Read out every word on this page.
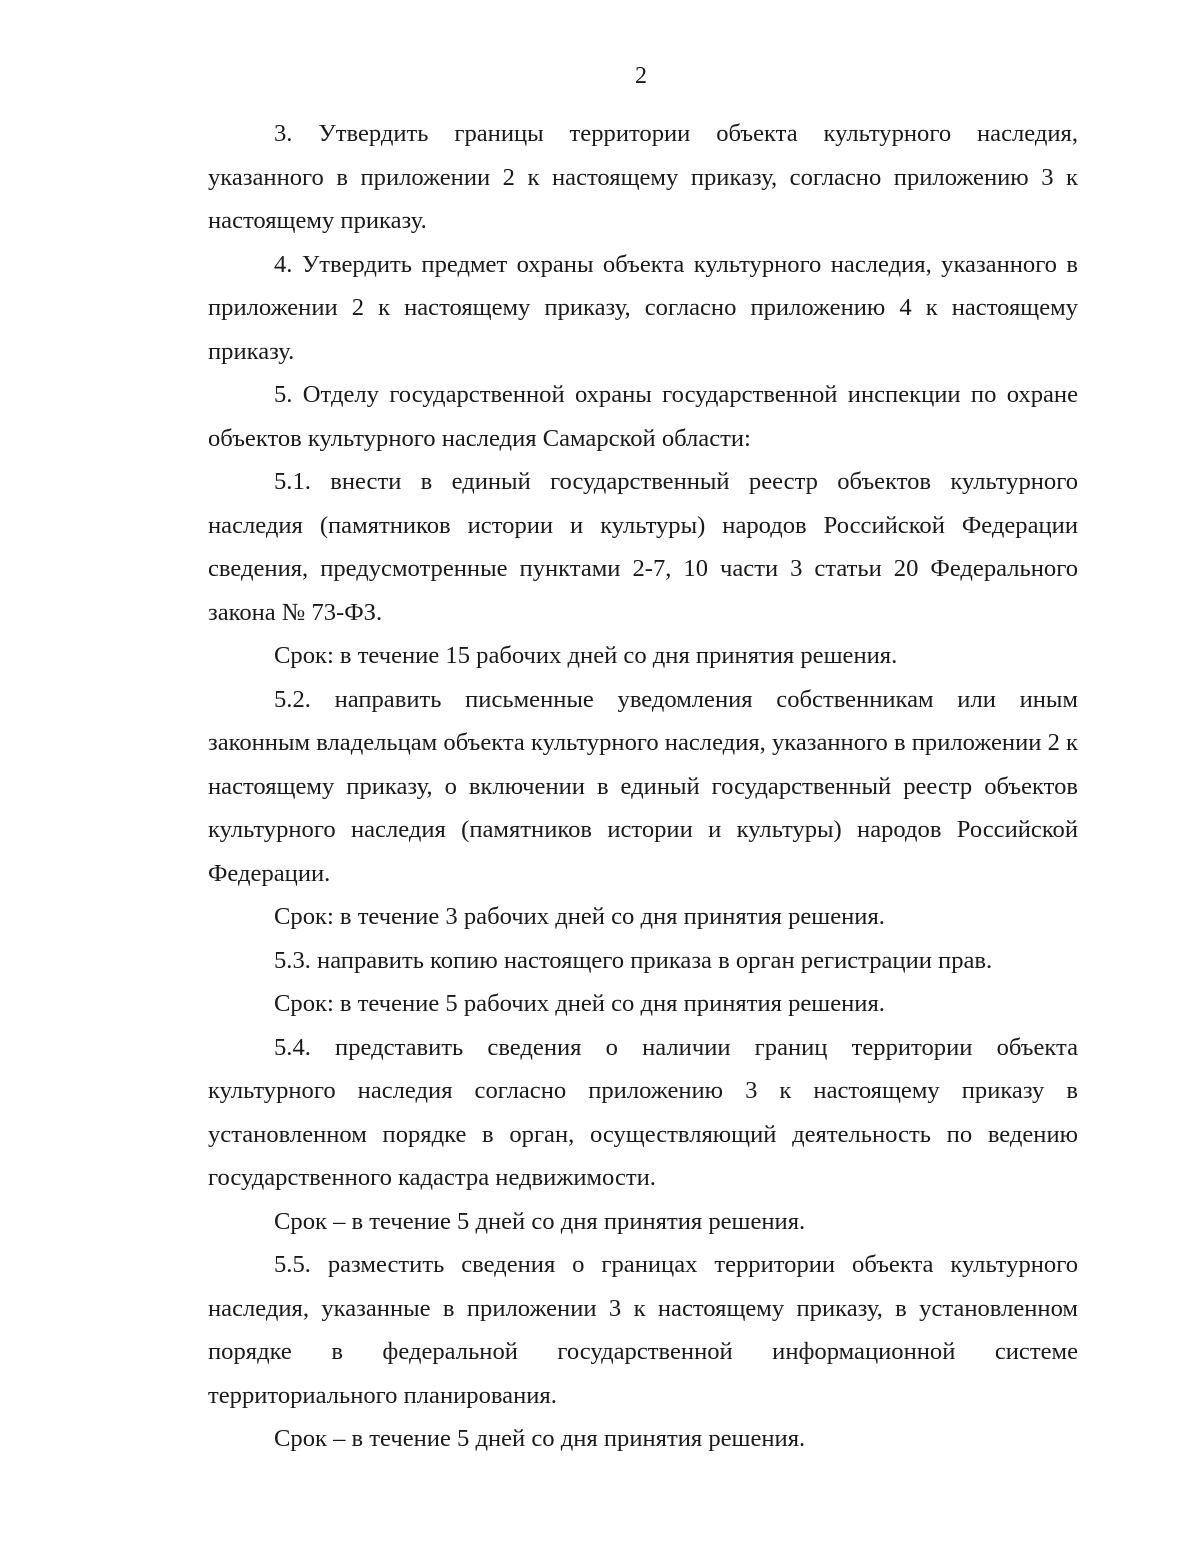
2

3. Утвердить границы территории объекта культурного наследия, указанного в приложении 2 к настоящему приказу, согласно приложению 3 к настоящему приказу.

4. Утвердить предмет охраны объекта культурного наследия, указанного в приложении 2 к настоящему приказу, согласно приложению 4 к настоящему приказу.

5. Отделу государственной охраны государственной инспекции по охране объектов культурного наследия Самарской области:

5.1. внести в единый государственный реестр объектов культурного наследия (памятников истории и культуры) народов Российской Федерации сведения, предусмотренные пунктами 2-7, 10 части 3 статьи 20 Федерального закона № 73-ФЗ.

Срок: в течение 15 рабочих дней со дня принятия решения.

5.2. направить письменные уведомления собственникам или иным законным владельцам объекта культурного наследия, указанного в приложении 2 к настоящему приказу, о включении в единый государственный реестр объектов культурного наследия (памятников истории и культуры) народов Российской Федерации.

Срок: в течение 3 рабочих дней со дня принятия решения.

5.3. направить копию настоящего приказа в орган регистрации прав.

Срок: в течение 5 рабочих дней со дня принятия решения.

5.4. представить сведения о наличии границ территории объекта культурного наследия согласно приложению 3 к настоящему приказу в установленном порядке в орган, осуществляющий деятельность по ведению государственного кадастра недвижимости.

Срок – в течение 5 дней со дня принятия решения.

5.5. разместить сведения о границах территории объекта культурного наследия, указанные в приложении 3 к настоящему приказу, в установленном порядке в федеральной государственной информационной системе территориального планирования.

Срок – в течение 5 дней со дня принятия решения.
